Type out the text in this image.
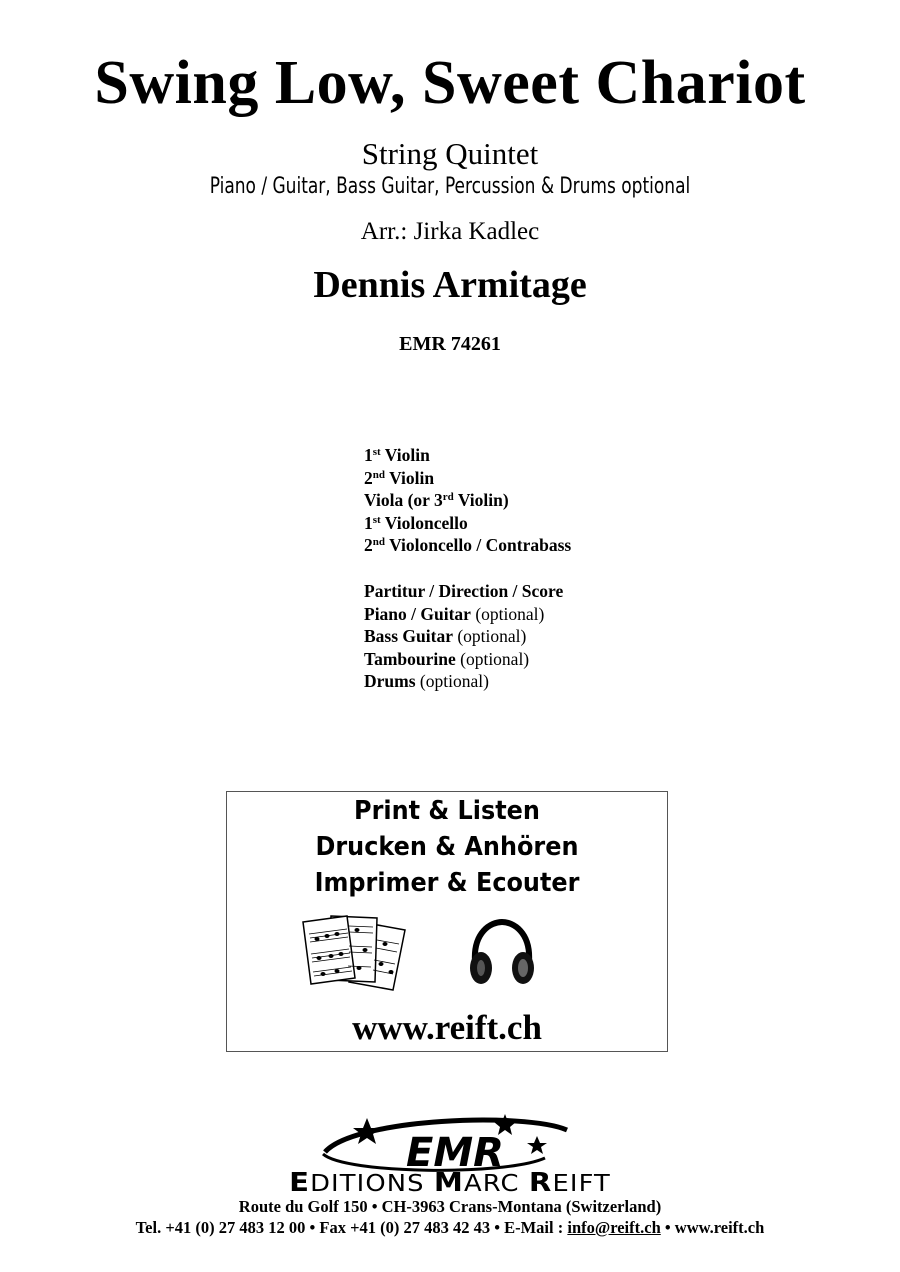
Swing Low, Sweet Chariot
String Quintet
Piano / Guitar, Bass Guitar, Percussion & Drums optional
Arr.: Jirka Kadlec
Dennis Armitage
EMR 74261
1st Violin
2nd Violin
Viola (or 3rd Violin)
1st Violoncello
2nd Violoncello / Contrabass
Partitur / Direction / Score
Piano / Guitar (optional)
Bass Guitar (optional)
Tambourine (optional)
Drums (optional)
Print & Listen
Drucken & Anhören
Imprimer & Ecouter
www.reift.ch
EMR
EDITIONS MARC REIFT
Route du Golf 150 • CH-3963 Crans-Montana (Switzerland)
Tel. +41 (0) 27 483 12 00 • Fax +41 (0) 27 483 42 43 • E-Mail : info@reift.ch • www.reift.ch
